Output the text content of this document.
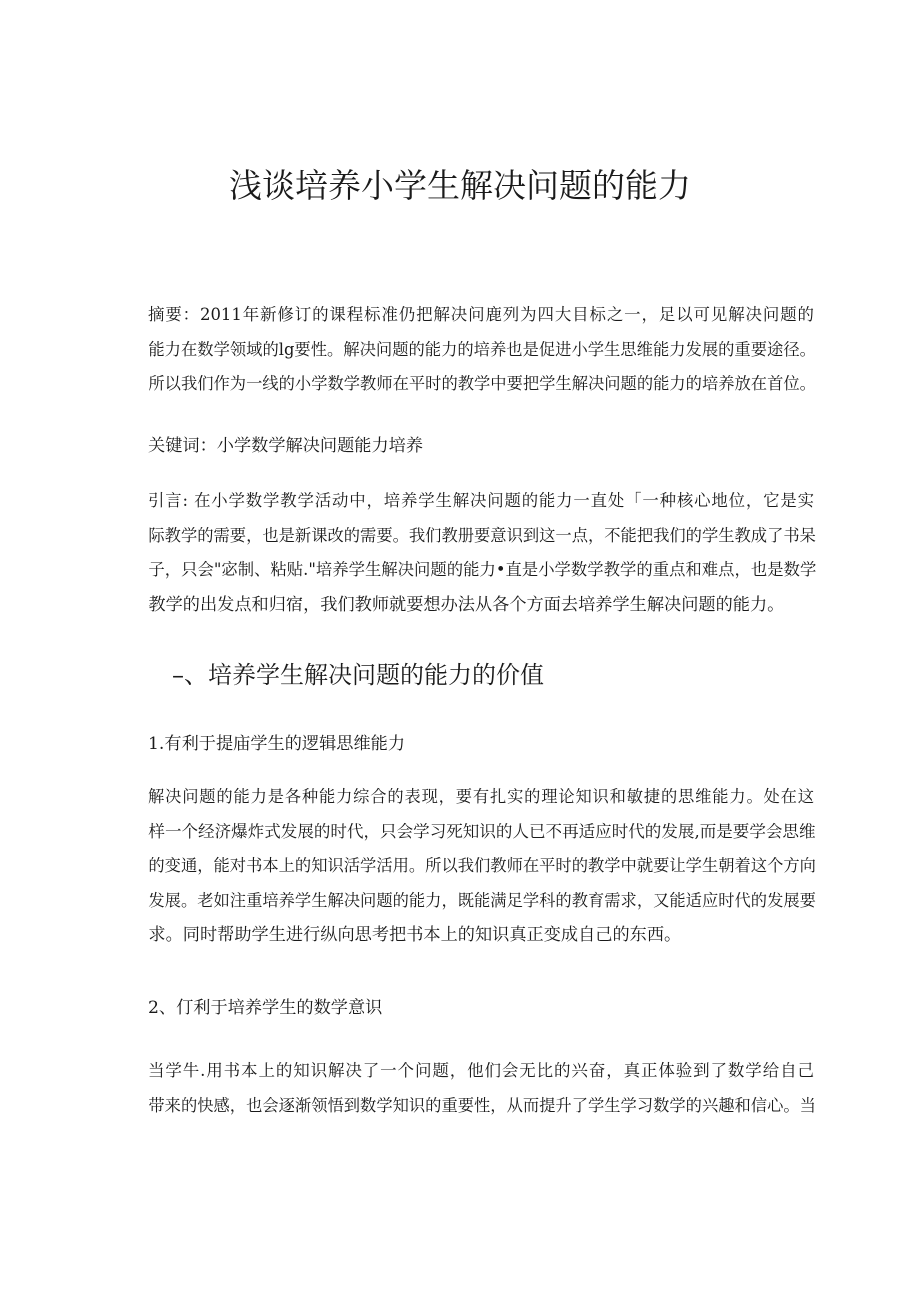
浅谈培养小学生解决问题的能力
摘要：2011年新修订的课程标准仍把解决问鹿列为四大目标之一，足以可见解决问题的
能力在数学领域的lg要性。解决问题的能力的培养也是促进小学生思维能力发展的重要途径。
所以我们作为一线的小学数学教师在平时的教学中要把学生解决问题的能力的培养放在首位。

关键词：小学数学解决问题能力培养

引言: 在小学数学教学活动中，培养学生解决问题的能力一直处「一种核心地位，它是实
际教学的需要，也是新课改的需要。我们教册要意识到这一点，不能把我们的学生教成了书呆
子，只会"宓制、粘贴."培养学生解决问题的能力•直是小学数学教学的重点和难点，也是数学
教学的出发点和归宿，我们教师就要想办法从各个方面去培养学生解决问题的能力。
–、培养学生解决问题的能力的价值

1.有利于提庙学生的逻辑思维能力

解决问题的能力是各种能力综合的表现，要有扎实的理论知识和敏捷的思维能力。处在这
样一个经济爆炸式发展的时代，只会学习死知识的人已不再适应时代的发展,而是要学会思维
的变通，能对书本上的知识活学活用。所以我们教师在平时的教学中就要让学生朝着这个方向
发展。老如注重培养学生解决问题的能力，既能满足学科的教育需求，又能适应时代的发展要
求。同时帮助学生进行纵向思考把书本上的知识真正变成自己的东西。

2、仃利于培养学生的数学意识

当学牛.用书本上的知识解决了一个问题，他们会无比的兴奋，真正体验到了数学给自己
带来的快感，也会逐渐领悟到数学知识的重要性，从而提升了学生学习数学的兴趣和信心。当
